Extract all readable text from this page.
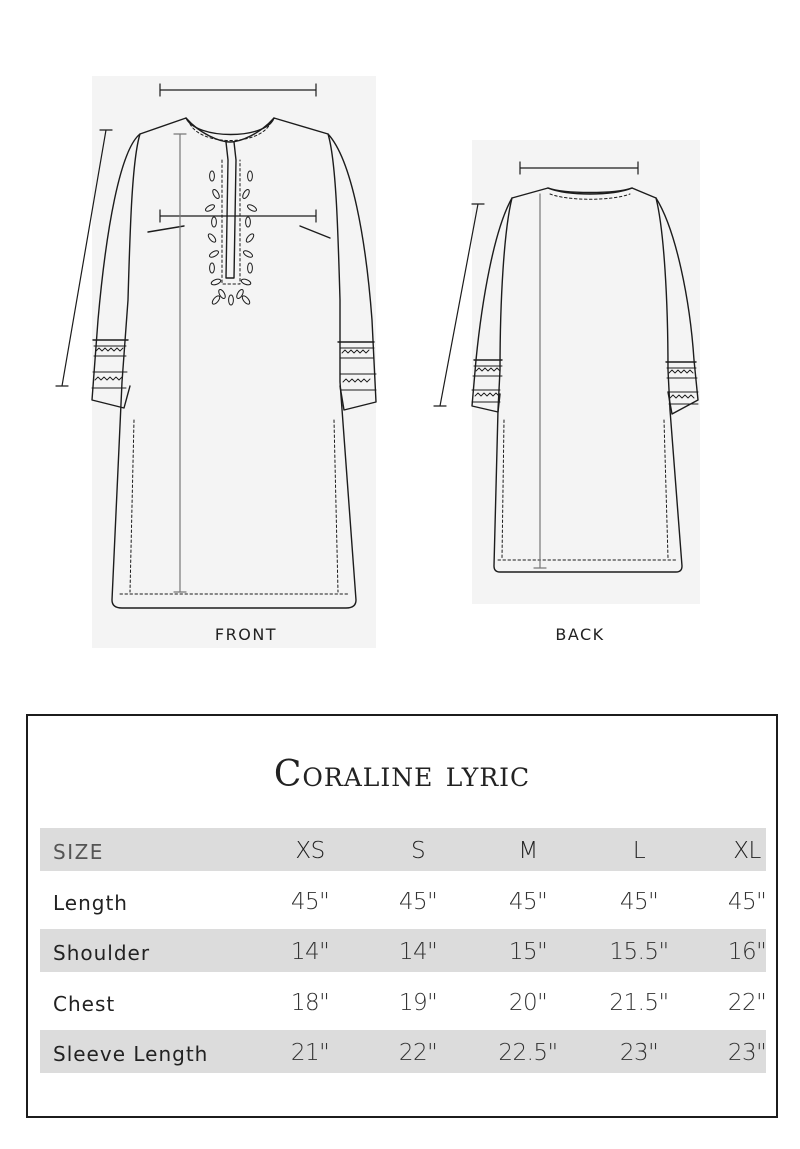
FRONT	BACK
Coraline lyric
SIZE	XS	S	M	L	XL
Length	45"	45"	45"	45"	45"
Shoulder	14"	14"	15"	15.5"	16"
Chest	18"	19"	20"	21.5"	22"
Sleeve Length	21"	22"	22.5"	23"	23"
